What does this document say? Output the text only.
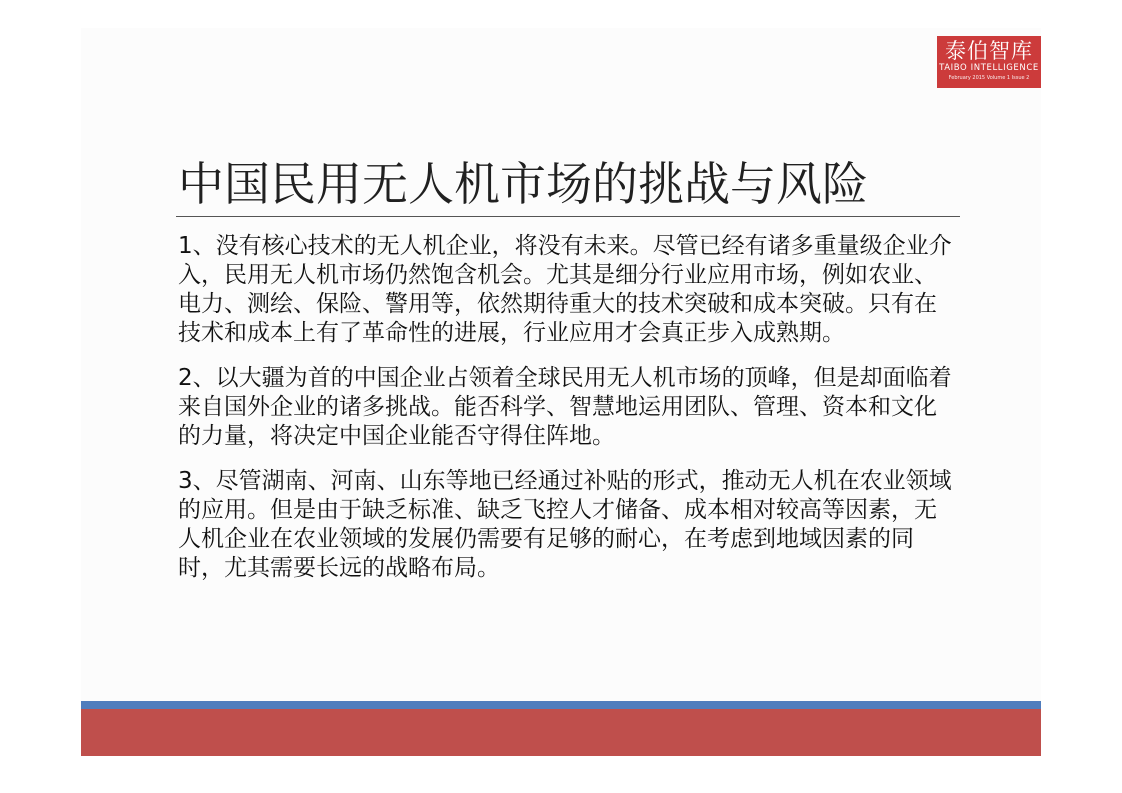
泰伯智库
TAIBO INTELLIGENCE
February 2015 Volume 1 Issue 2
中国民用无人机市场的挑战与风险

1、没有核心技术的无人机企业，将没有未来。尽管已经有诸多重量级企业介入，民用无人机市场仍然饱含机会。尤其是细分行业应用市场，例如农业、电力、测绘、保险、警用等，依然期待重大的技术突破和成本突破。只有在技术和成本上有了革命性的进展，行业应用才会真正步入成熟期。

2、以大疆为首的中国企业占领着全球民用无人机市场的顶峰，但是却面临着来自国外企业的诸多挑战。能否科学、智慧地运用团队、管理、资本和文化的力量，将决定中国企业能否守得住阵地。

3、尽管湖南、河南、山东等地已经通过补贴的形式，推动无人机在农业领域的应用。但是由于缺乏标准、缺乏飞控人才储备、成本相对较高等因素，无人机企业在农业领域的发展仍需要有足够的耐心，在考虑到地域因素的同时，尤其需要长远的战略布局。
